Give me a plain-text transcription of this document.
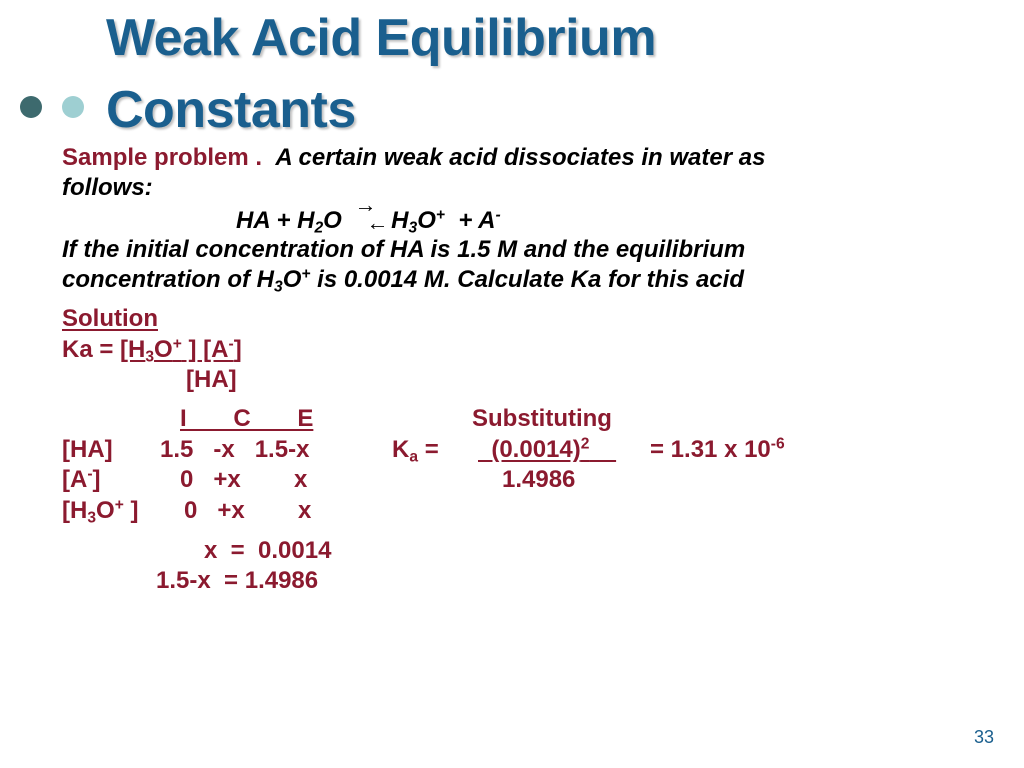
Weak Acid Equilibrium
Constants
Sample problem . A certain weak acid dissociates in water as
follows:
HA + $H_2O$
→
← $H_3O^+ + A^-$
If the initial concentration of HA is 1.5 M and the equilibrium
concentration of $H_3O^+$ is 0.0014 M. Calculate Ka for this acid
Solution
$Ka = [H_3O^+$ ] [A-]
[HA]
I       C       E	Substituting
[HA] 1.5   -x   1.5-x
[A-]	0   +x        x
[$H_3O^+$ ] 0   +x        x
$K_a = (0.0014)^2$	= 1.31 x $10^{-6}$
1.4986
x  =  0.0014
1.5-x  = 1.4986
33
